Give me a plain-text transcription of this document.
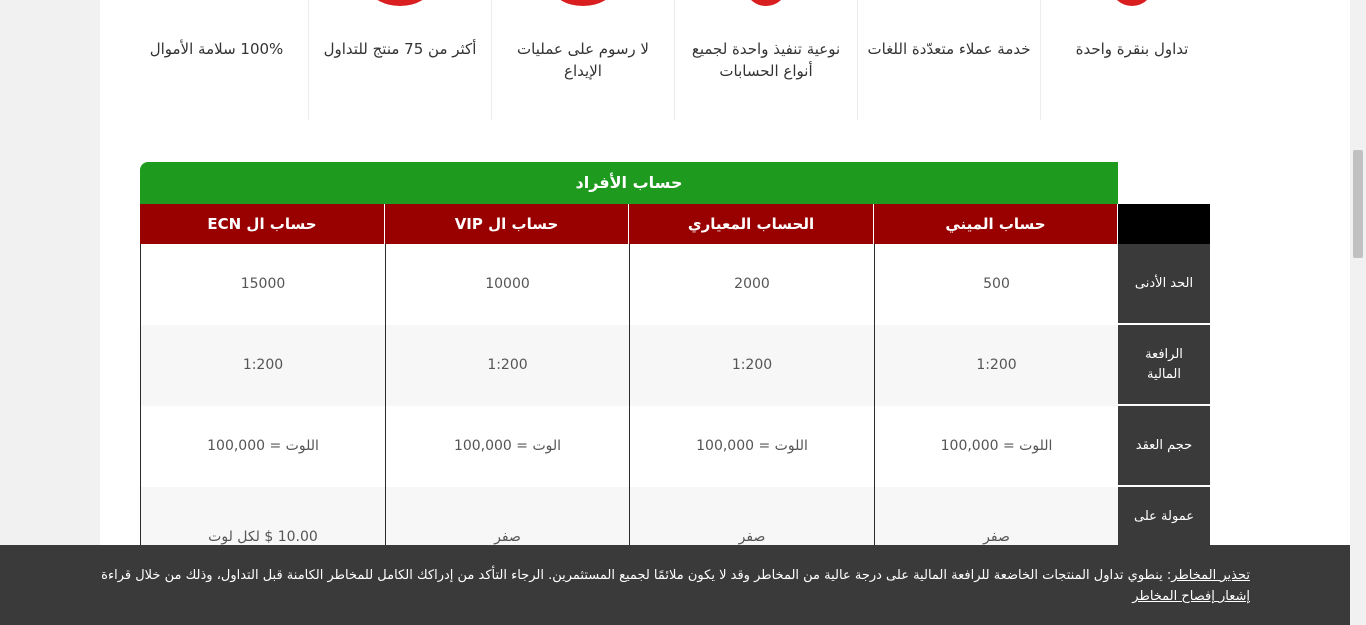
تداول بنقرة واحدة
خدمة عملاء متعدّدة اللغات
نوعية تنفيذ واحدة لجميع أنواع الحسابات
لا رسوم على عمليات الإيداع
أكثر من 75 منتج للتداول
100% سلامة الأموال
حساب الأفراد
حساب الميني
الحساب المعياري
حساب ال VIP
حساب ال ECN
500
2000
10000
15000	الحد الأدنى
1:200
1:200
1:200
1:200
الرافعة المالية
اللوت = 100,000
اللوت = 100,000
الوت = 100,000
اللوت = 100,000	حجم العقد
صفر
صفر
صفر
10.00 $ لكل لوت
عمولة على
تحذير المخاطر: ينطوي تداول المنتجات الخاضعة للرافعة المالية على درجة عالية من المخاطر وقد لا يكون ملائمًا لجميع المستثمرين. الرجاء التأكد من إدراكك الكامل للمخاطر الكامنة قبل التداول، وذلك من خلال قراءة إشعار إفصاح المخاطر
